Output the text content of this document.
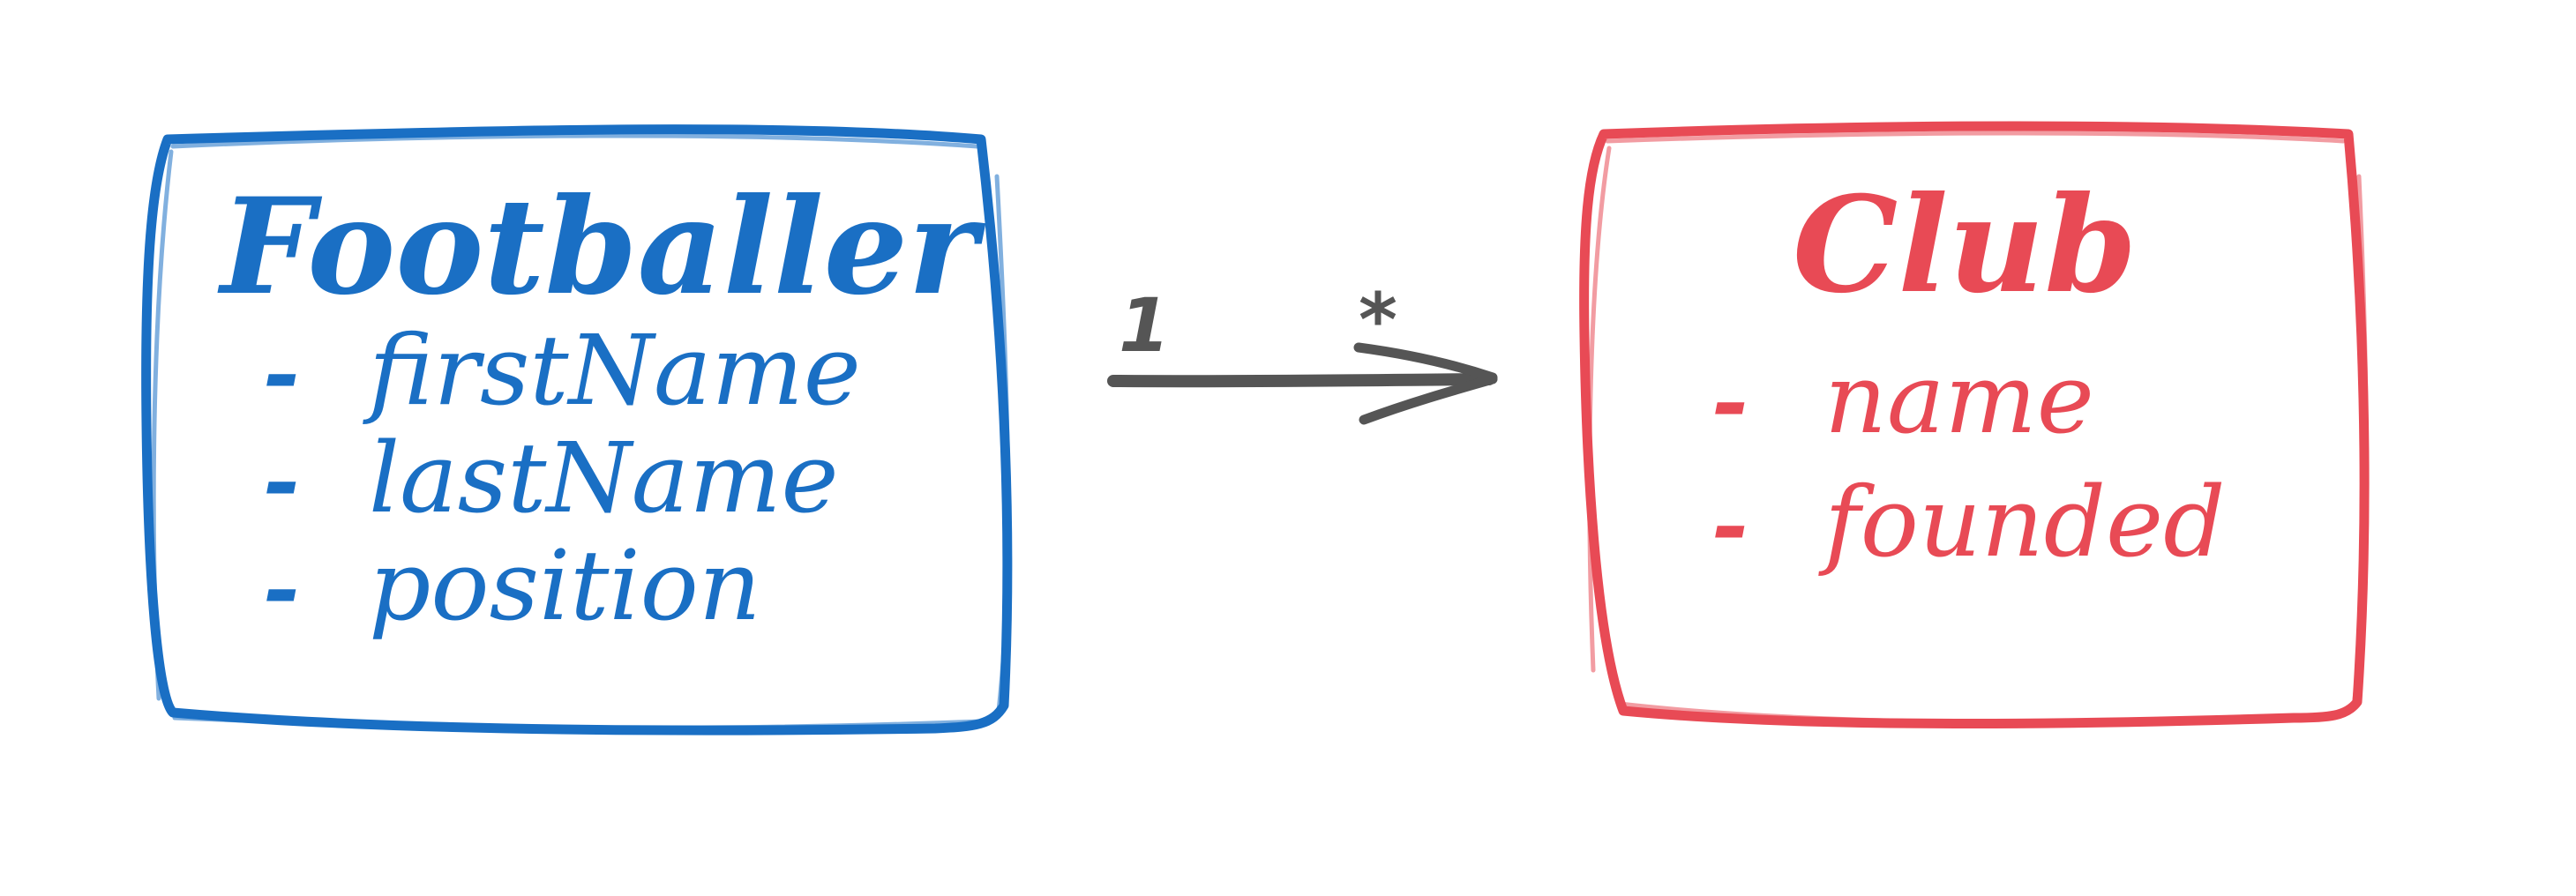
Footballer
- firstName
- lastName
- position
1	*	Club
- name
- founded
